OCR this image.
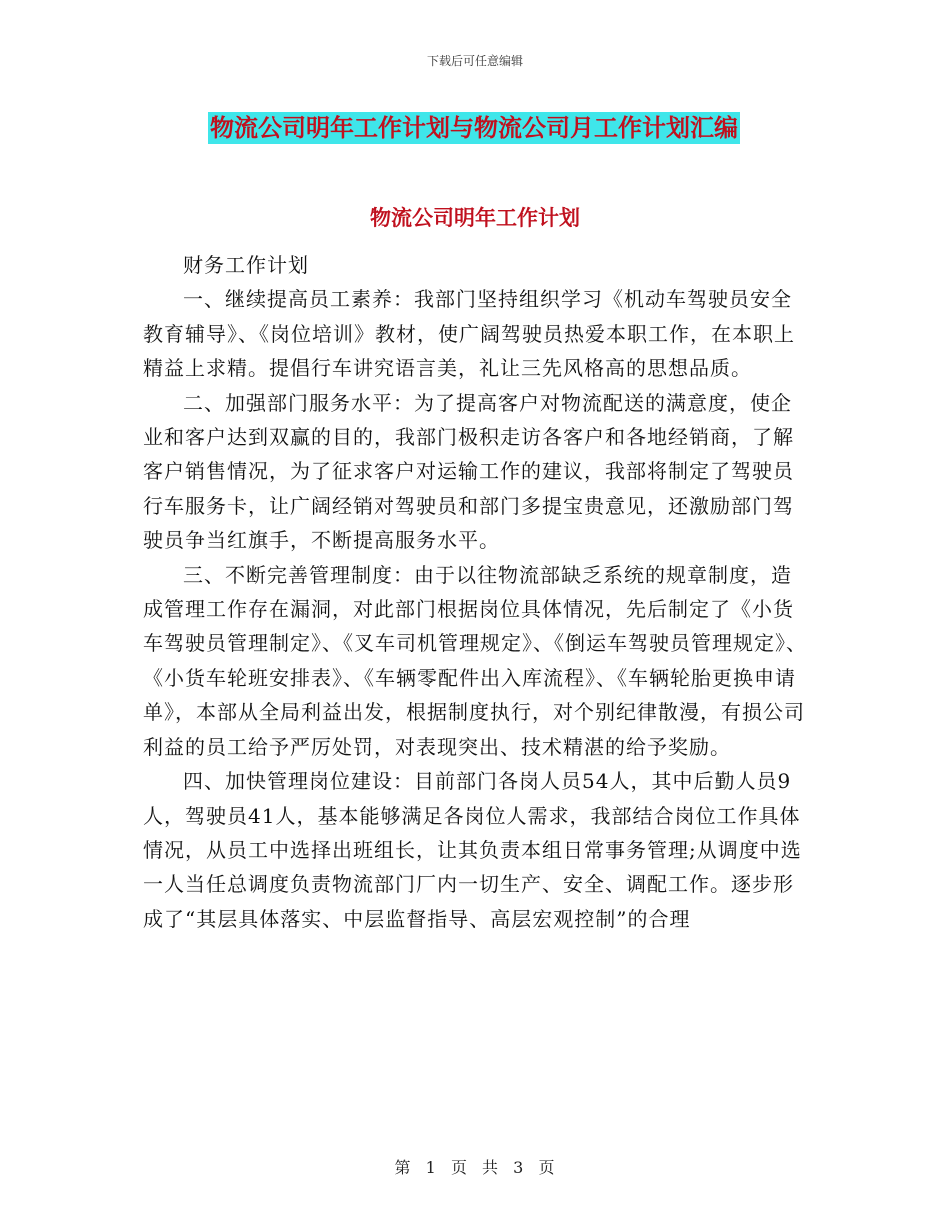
下载后可任意编辑
物流公司明年工作计划与物流公司月工作计划汇编
物流公司明年工作计划

财务工作计划

一、继续提高员工素养：我部门坚持组织学习《机动车驾驶员安全教育辅导》、《岗位培训》教材，使广阔驾驶员热爱本职工作，在本职上精益上求精。提倡行车讲究语言美，礼让三先风格高的思想品质。

二、加强部门服务水平：为了提高客户对物流配送的满意度，使企业和客户达到双赢的目的，我部门极积走访各客户和各地经销商，了解客户销售情况，为了征求客户对运输工作的建议，我部将制定了驾驶员行车服务卡，让广阔经销对驾驶员和部门多提宝贵意见，还激励部门驾驶员争当红旗手，不断提高服务水平。

三、不断完善管理制度：由于以往物流部缺乏系统的规章制度，造成管理工作存在漏洞，对此部门根据岗位具体情况，先后制定了《小货车驾驶员管理制定》、《叉车司机管理规定》、《倒运车驾驶员管理规定》、《小货车轮班安排表》、《车辆零配件出入库流程》、《车辆轮胎更换申请单》，本部从全局利益出发，根据制度执行，对个别纪律散漫，有损公司利益的员工给予严厉处罚，对表现突出、技术精湛的给予奖励。

四、加快管理岗位建设：目前部门各岗人员54人，其中后勤人员9人，驾驶员41人，基本能够满足各岗位人需求，我部结合岗位工作具体情况，从员工中选择出班组长，让其负责本组日常事务管理;从调度中选一人当任总调度负责物流部门厂内一切生产、安全、调配工作。逐步形成了“其层具体落实、中层监督指导、高层宏观控制”的合理

第 1 页 共 3 页
